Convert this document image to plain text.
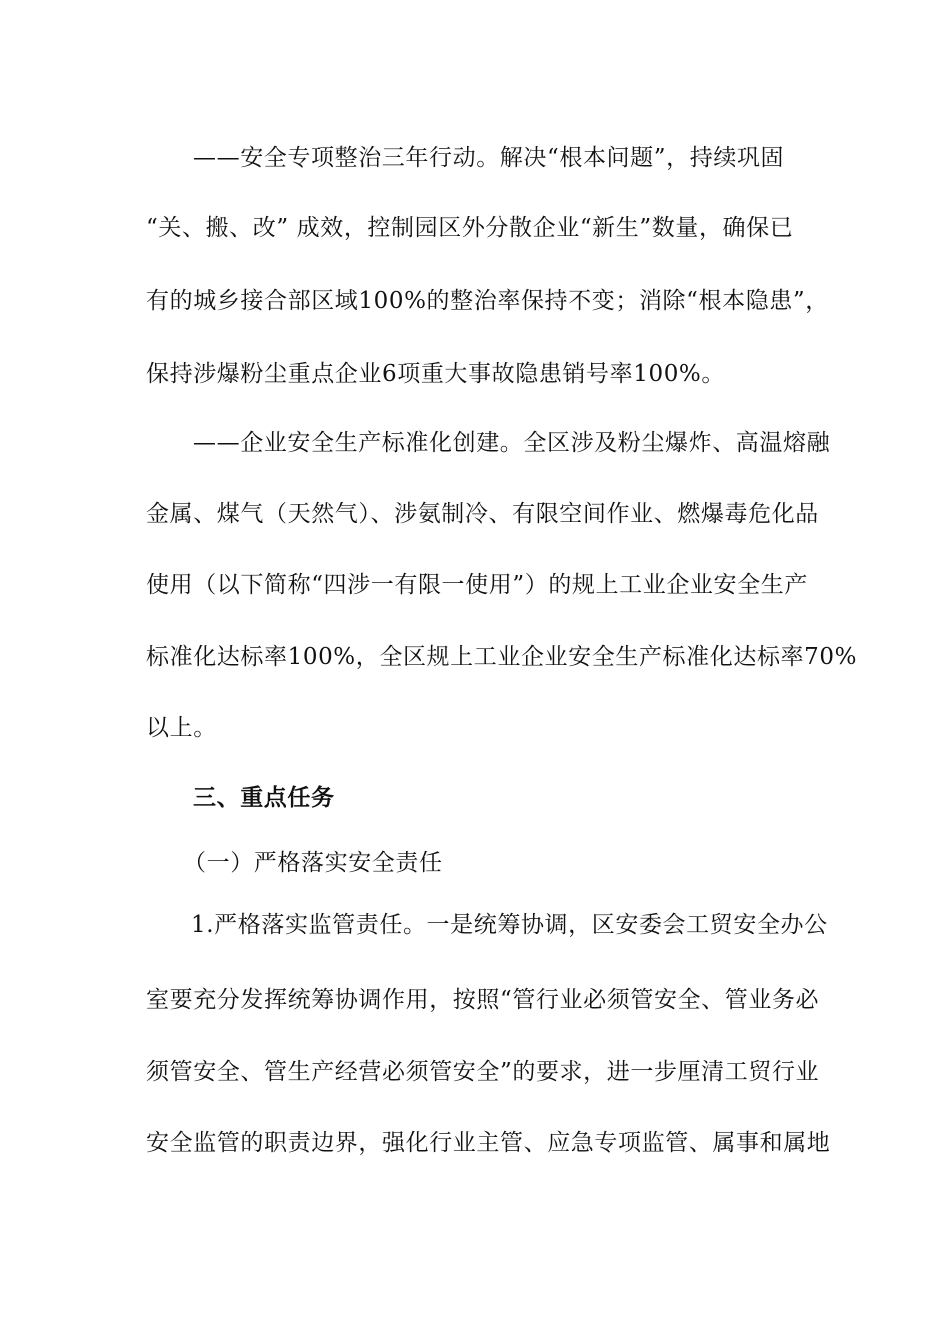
——安全专项整治三年行动。解决“根本问题”，持续巩固
“关、搬、改” 成效，控制园区外分散企业“新生”数量，确保已
有的城乡接合部区域100%的整治率保持不变；消除“根本隐患”，
保持涉爆粉尘重点企业6项重大事故隐患销号率100%。
——企业安全生产标准化创建。全区涉及粉尘爆炸、高温熔融
金属、煤气（天然气）、涉氨制冷、有限空间作业、燃爆毒危化品
使用（以下简称“四涉一有限一使用”）的规上工业企业安全生产
标准化达标率100%，全区规上工业企业安全生产标准化达标率70%
以上。
三、重点任务
（一）严格落实安全责任
1.严格落实监管责任。一是统筹协调，区安委会工贸安全办公
室要充分发挥统筹协调作用，按照“管行业必须管安全、管业务必
须管安全、管生产经营必须管安全”的要求，进一步厘清工贸行业
安全监管的职责边界，强化行业主管、应急专项监管、属事和属地
